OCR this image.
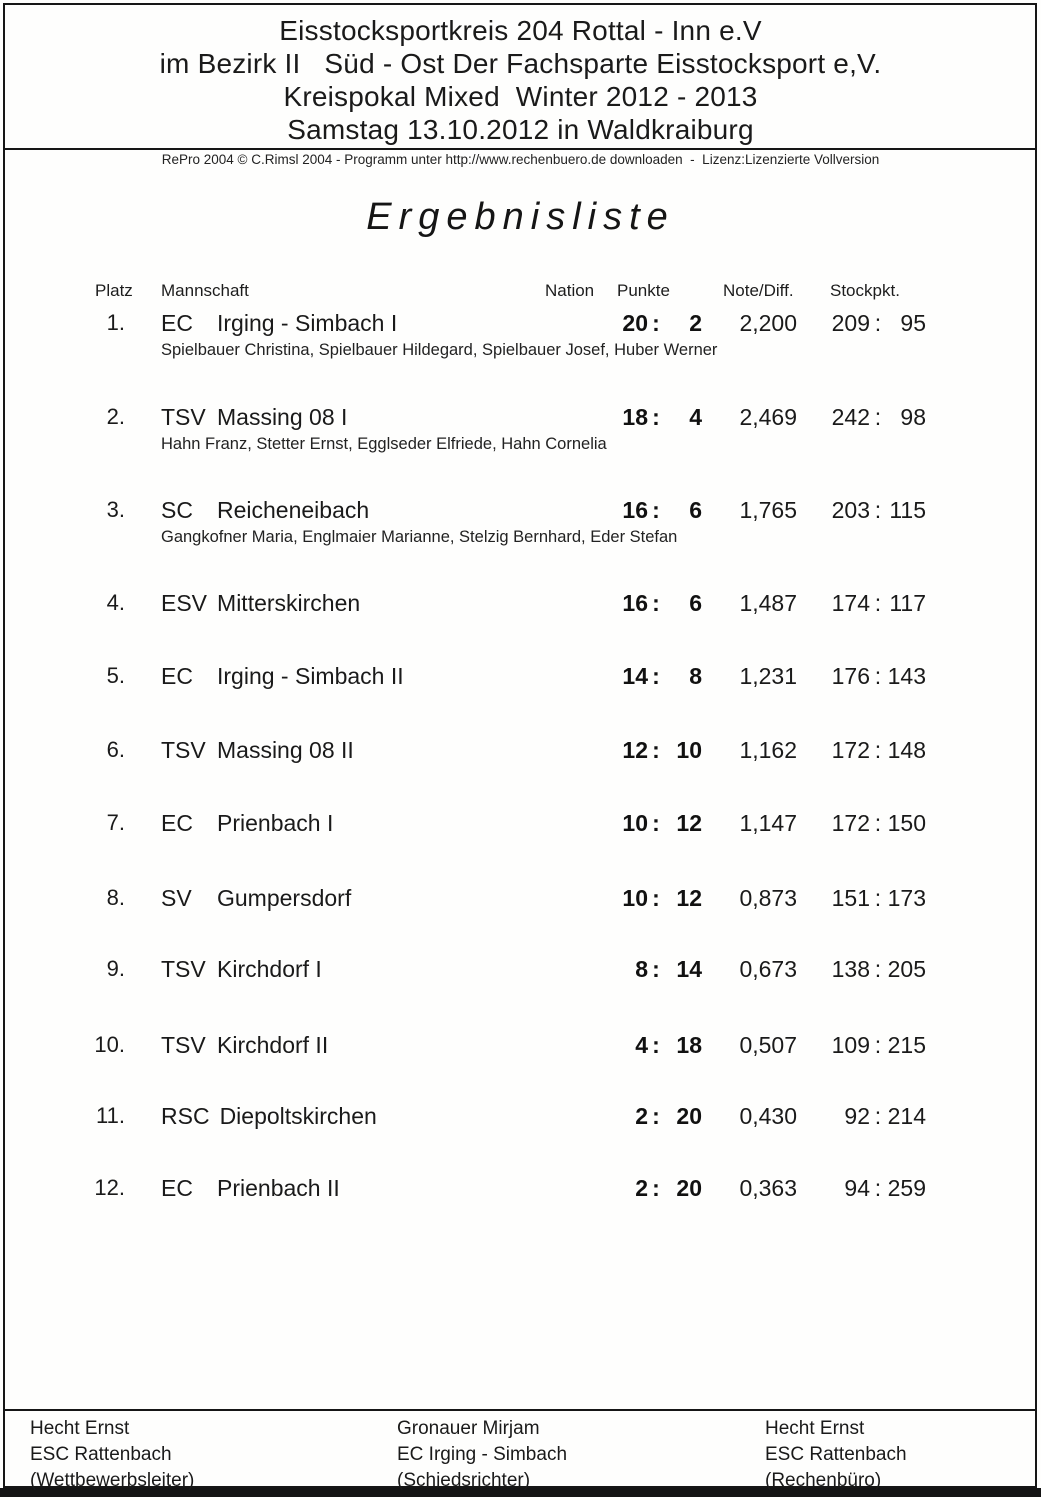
Eisstocksportkreis 204 Rottal - Inn e.V
im Bezirk II   Süd - Ost Der Fachsparte Eisstocksport e,V.
Kreispokal Mixed  Winter 2012 - 2013
Samstag 13.10.2012 in Waldkraiburg
RePro 2004 © C.Rimsl 2004 - Programm unter http://www.rechenbuero.de downloaden  -  Lizenz:Lizenzierte Vollversion
Ergebnisliste
Platz Mannschaft	Nation Punkte	Note/Diff. Stockpkt.
1. EC Irging - Simbach I	20 :	2	2,200	209 : 95
Spielbauer Christina, Spielbauer Hildegard, Spielbauer Josef, Huber Werner
2. TSV Massing 08 I	18 :	4	2,469	242 : 98
Hahn Franz, Stetter Ernst, Egglseder Elfriede, Hahn Cornelia
3. SC Reicheneibach	16 :	6	1,765	203 : 115
Gangkofner Maria, Englmaier Marianne, Stelzig Bernhard, Eder Stefan
4. ESV Mitterskirchen	16 :	6	1,487	174 : 117
5. EC Irging - Simbach II	14 :	8	1,231	176 : 143
6. TSV Massing 08 II	12 : 10	1,162	172 : 148
7. EC Prienbach I	10 : 12	1,147	172 : 150
8. SV Gumpersdorf	10 : 12	0,873	151 : 173
9. TSV Kirchdorf I	8 : 14	0,673	138 : 205
10. TSV Kirchdorf II	4 : 18	0,507	109 : 215
11. RSC Diepoltskirchen	2 : 20	0,430	92 : 214
12. EC Prienbach II	2 : 20	0,363	94 : 259
Hecht Ernst
ESC Rattenbach
(Wettbewerbsleiter)
Gronauer Mirjam
EC Irging - Simbach
(Schiedsrichter)
Hecht Ernst
ESC Rattenbach
(Rechenbüro)
